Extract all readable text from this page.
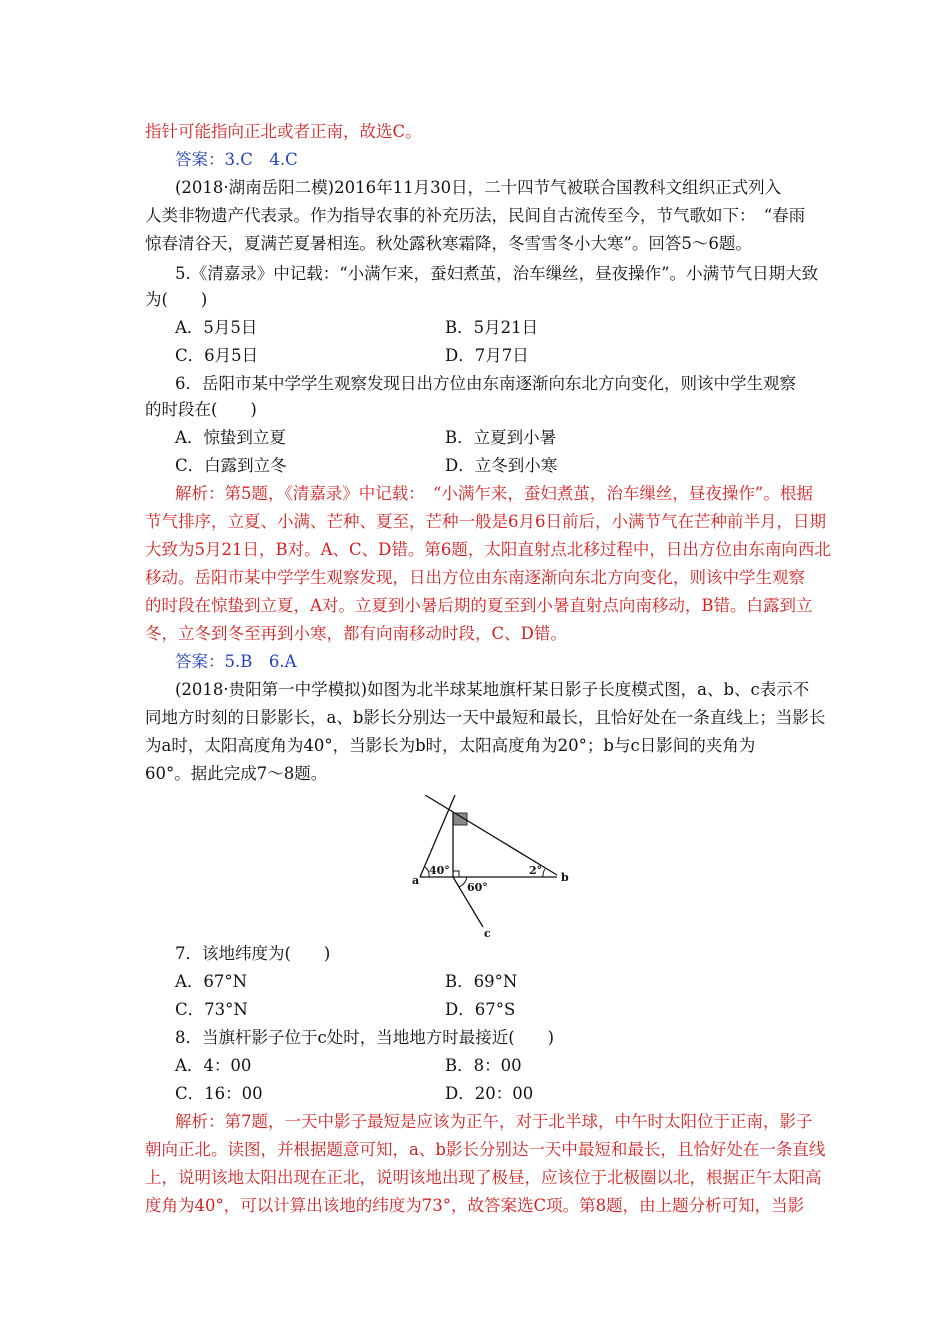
指针可能指向正北或者正南，故选C。
答案：3.C　4.C
(2018·湖南岳阳二模)2016年11月30日，二十四节气被联合国教科文组织正式列入
人类非物遗产代表录。作为指导农事的补充历法，民间自古流传至今，节气歌如下：　“春雨
惊春清谷天，夏满芒夏暑相连。秋处露秋寒霜降，冬雪雪冬小大寒”。回答5～6题。
5.《清嘉录》中记载：“小满乍来，蚕妇煮茧，治车缫丝，昼夜操作”。小满节气日期大致
为(　　)
A．5月5日	B．5月21日
C．6月5日	D．7月7日
6．岳阳市某中学学生观察发现日出方位由东南逐渐向东北方向变化，则该中学生观察
的时段在(　　)
A．惊蛰到立夏	B．立夏到小暑
C．白露到立冬	D．立冬到小寒
解析：第5题，《清嘉录》中记载：　“小满乍来，蚕妇煮茧，治车缫丝，昼夜操作”。根据
节气排序，立夏、小满、芒种、夏至，芒种一般是6月6日前后，小满节气在芒种前半月，日期
大致为5月21日，B对。A、C、D错。第6题，太阳直射点北移过程中，日出方位由东南向西北
移动。岳阳市某中学学生观察发现，日出方位由东南逐渐向东北方向变化，则该中学生观察
的时段在惊蛰到立夏，A对。立夏到小暑后期的夏至到小暑直射点向南移动，B错。白露到立
冬，立冬到冬至再到小寒，都有向南移动时段，C、D错。
答案：5.B　6.A
(2018·贵阳第一中学模拟)如图为北半球某地旗杆某日影子长度模式图，a、b、c表示不
同地方时刻的日影影长，a、b影长分别达一天中最短和最长，且恰好处在一条直线上；当影长
为a时，太阳高度角为40°，当影长为b时，太阳高度角为20°；b与c日影间的夹角为
60°。据此完成7～8题。
a	b
c
40°	2°
60°
7．该地纬度为(　　)
A．67°N	B．69°N
C．73°N	D．67°S
8．当旗杆影子位于c处时，当地地方时最接近(　　)
A．4：00	B．8：00
C．16：00	D．20：00
解析：第7题，一天中影子最短是应该为正午，对于北半球，中午时太阳位于正南，影子
朝向正北。读图，并根据题意可知，a、b影长分别达一天中最短和最长，且恰好处在一条直线
上，说明该地太阳出现在正北，说明该地出现了极昼，应该位于北极圈以北，根据正午太阳高
度角为40°，可以计算出该地的纬度为73°，故答案选C项。第8题，由上题分析可知，当影
